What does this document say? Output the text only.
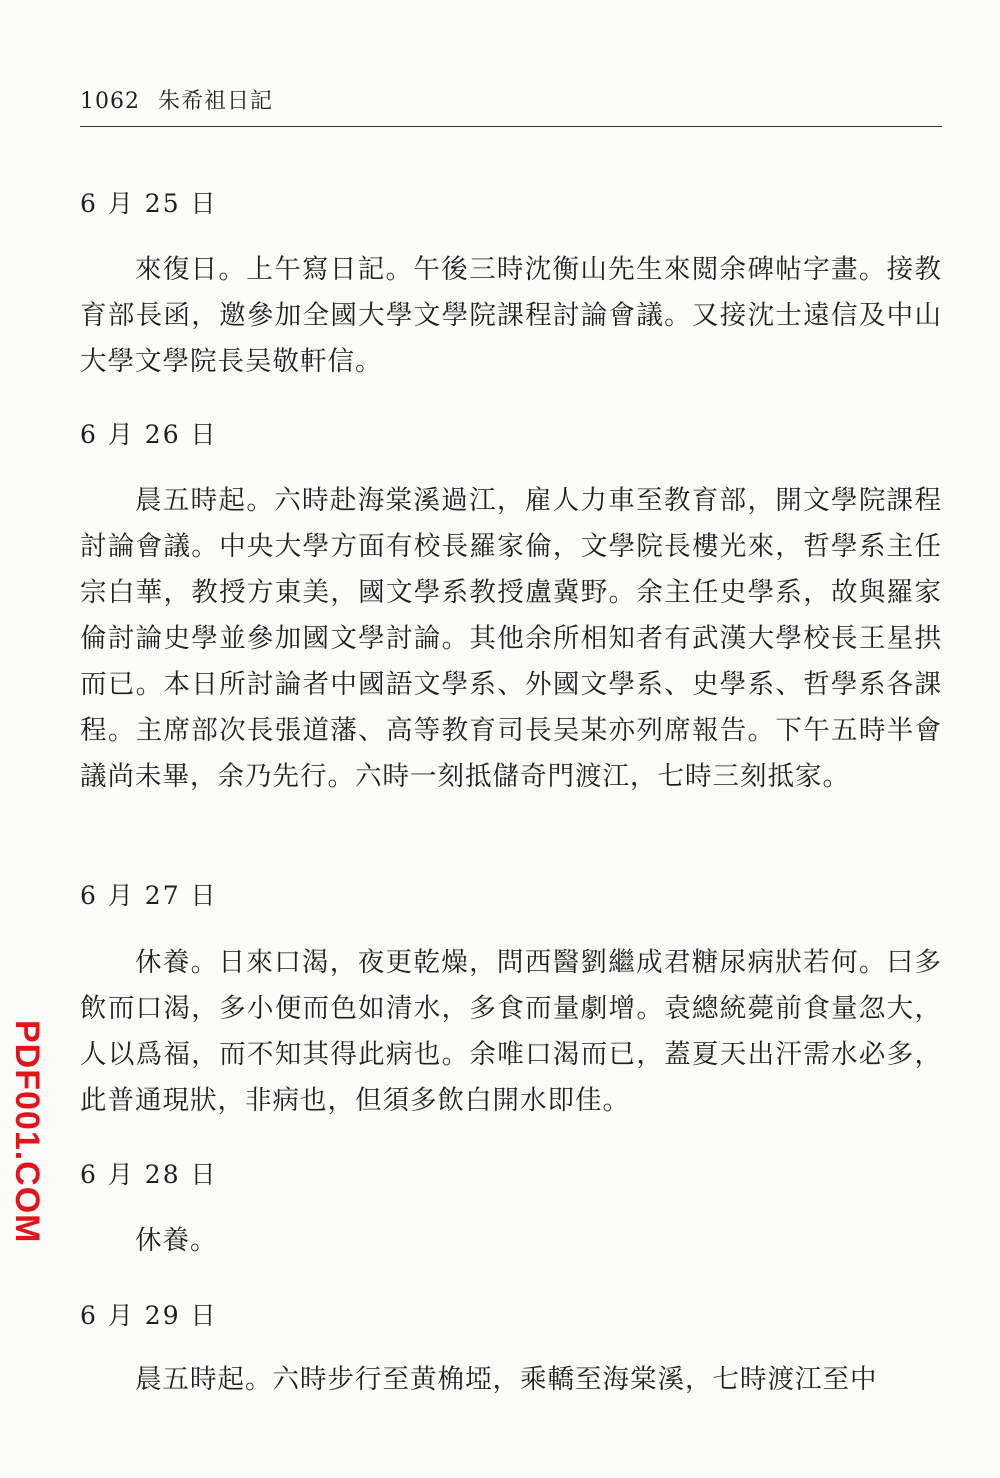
1062 朱希祖日記
6 月 25 日
來復日。上午寫日記。午後三時沈衡山先生來閲余碑帖字畫。接教育部長函，邀參加全國大學文學院課程討論會議。又接沈士遠信及中山大學文學院長吴敬軒信。
6 月 26 日
晨五時起。六時赴海棠溪過江，雇人力車至教育部，開文學院課程討論會議。中央大學方面有校長羅家倫，文學院長樓光來，哲學系主任宗白華，教授方東美，國文學系教授盧冀野。余主任史學系，故與羅家倫討論史學並參加國文學討論。其他余所相知者有武漢大學校長王星拱而已。本日所討論者中國語文學系、外國文學系、史學系、哲學系各課程。主席部次長張道藩、高等教育司長吴某亦列席報告。下午五時半會議尚未畢，余乃先行。六時一刻抵儲奇門渡江，七時三刻抵家。
6 月 27 日
休養。日來口渴，夜更乾燥，問西醫劉繼成君糖尿病狀若何。曰多飲而口渴，多小便而色如清水，多食而量劇增。袁總統薨前食量忽大，人以爲福，而不知其得此病也。余唯口渴而已，蓋夏天出汗需水必多，此普通現狀，非病也，但須多飲白開水即佳。
6 月 28 日
休養。
6 月 29 日
晨五時起。六時步行至黄桷埡，乘轎至海棠溪，七時渡江至中
PDF001.COM
